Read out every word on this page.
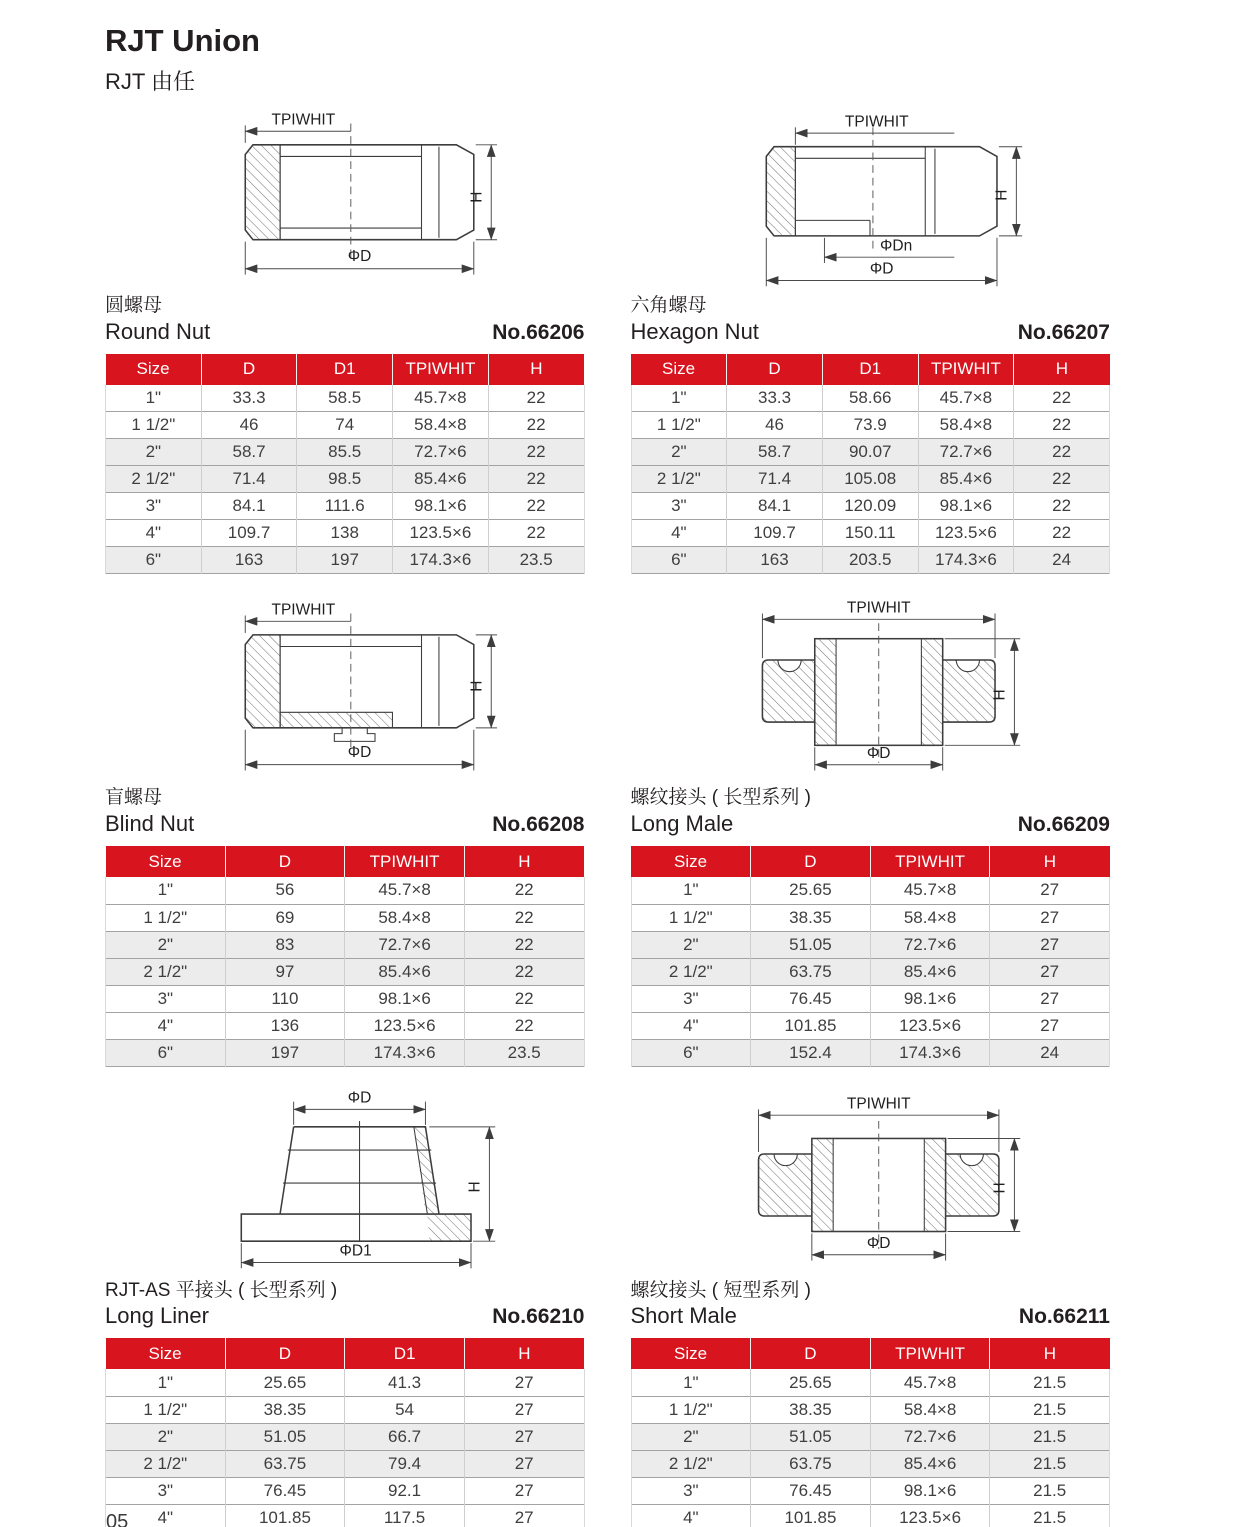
RJT Union
RJT 由任
TPIWHIT
H
ΦD
圆螺母
Round Nut	No.66206
Size	D	D1	TPIWHIT	H
1"	33.3	58.5	45.7×8	22
1 1/2"	46	74	58.4×8	22
2"	58.7	85.5	72.7×6	22
2 1/2"	71.4	98.5	85.4×6	22
3"	84.1	111.6	98.1×6	22
4"	109.7	138	123.5×6	22
6"	163	197	174.3×6	23.5
TPIWHIT
H
ΦDn
ΦD
六角螺母
Hexagon Nut	No.66207
Size	D	D1	TPIWHIT	H
1"	33.3	58.66	45.7×8	22
1 1/2"	46	73.9	58.4×8	22
2"	58.7	90.07	72.7×6	22
2 1/2"	71.4	105.08	85.4×6	22
3"	84.1	120.09	98.1×6	22
4"	109.7	150.11	123.5×6	22
6"	163	203.5	174.3×6	24
TPIWHIT
H
ΦD
盲螺母
Blind Nut	No.66208
Size	D	TPIWHIT	H
1"	56	45.7×8	22
1 1/2"	69	58.4×8	22
2"	83	72.7×6	22
2 1/2"	97	85.4×6	22
3"	110	98.1×6	22
4"	136	123.5×6	22
6"	197	174.3×6	23.5
TPIWHIT
H
ΦD
螺纹接头 ( 长型系列 )
Long Male	No.66209
Size	D	TPIWHIT	H
1"	25.65	45.7×8	27
1 1/2"	38.35	58.4×8	27
2"	51.05	72.7×6	27
2 1/2"	63.75	85.4×6	27
3"	76.45	98.1×6	27
4"	101.85	123.5×6	27
6"	152.4	174.3×6	24
ΦD
H
ΦD1
RJT-AS 平接头 ( 长型系列 )
Long Liner	No.66210
Size	D	D1	H
1"	25.65	41.3	27
1 1/2"	38.35	54	27
2"	51.05	66.7	27
2 1/2"	63.75	79.4	27
3"	76.45	92.1	27
4"	101.85	117.5	27
TPIWHIT
H
ΦD
螺纹接头 ( 短型系列 )
Short Male	No.66211
Size	D	TPIWHIT	H
1"	25.65	45.7×8	21.5
1 1/2"	38.35	58.4×8	21.5
2"	51.05	72.7×6	21.5
2 1/2"	63.75	85.4×6	21.5
3"	76.45	98.1×6	21.5
4"	101.85	123.5×6	21.5
05
